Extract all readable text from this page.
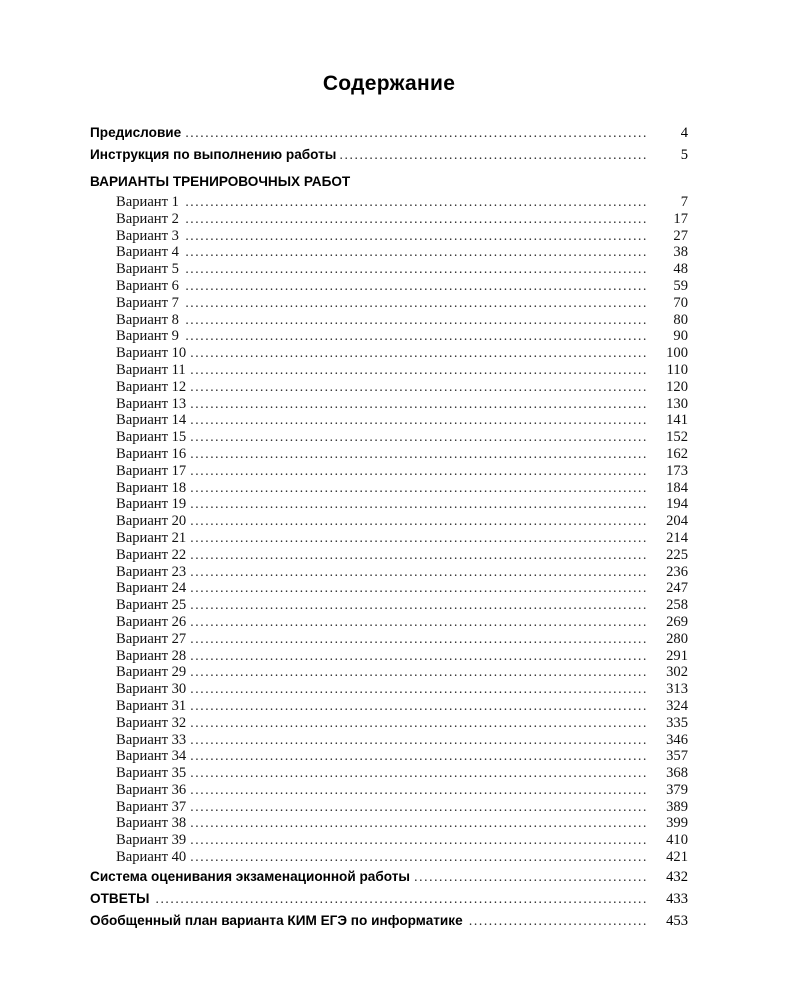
Содержание
Предисловие .....	4
Инструкция по выполнению работы .....	5
ВАРИАНТЫ ТРЕНИРОВОЧНЫХ РАБОТ
Вариант 1 .....	7
Вариант 2 .....	17
Вариант 3 .....	27
Вариант 4 .....	38
Вариант 5 .....	48
Вариант 6 .....	59
Вариант 7 .....	70
Вариант 8 .....	80
Вариант 9 .....	90
Вариант 10 .....	100
Вариант 11 .....	110
Вариант 12 .....	120
Вариант 13 .....	130
Вариант 14 .....	141
Вариант 15 .....	152
Вариант 16 .....	162
Вариант 17 .....	173
Вариант 18 .....	184
Вариант 19 .....	194
Вариант 20 .....	204
Вариант 21 .....	214
Вариант 22 .....	225
Вариант 23 .....	236
Вариант 24 .....	247
Вариант 25 .....	258
Вариант 26 .....	269
Вариант 27 .....	280
Вариант 28 .....	291
Вариант 29 .....	302
Вариант 30 .....	313
Вариант 31 .....	324
Вариант 32 .....	335
Вариант 33 .....	346
Вариант 34 .....	357
Вариант 35 .....	368
Вариант 36 .....	379
Вариант 37 .....	389
Вариант 38 .....	399
Вариант 39 .....	410
Вариант 40 .....	421
Система оценивания экзаменационной работы .....	432
ОТВЕТЫ .....	433
Обобщенный план варианта КИМ ЕГЭ по информатике .....	453
